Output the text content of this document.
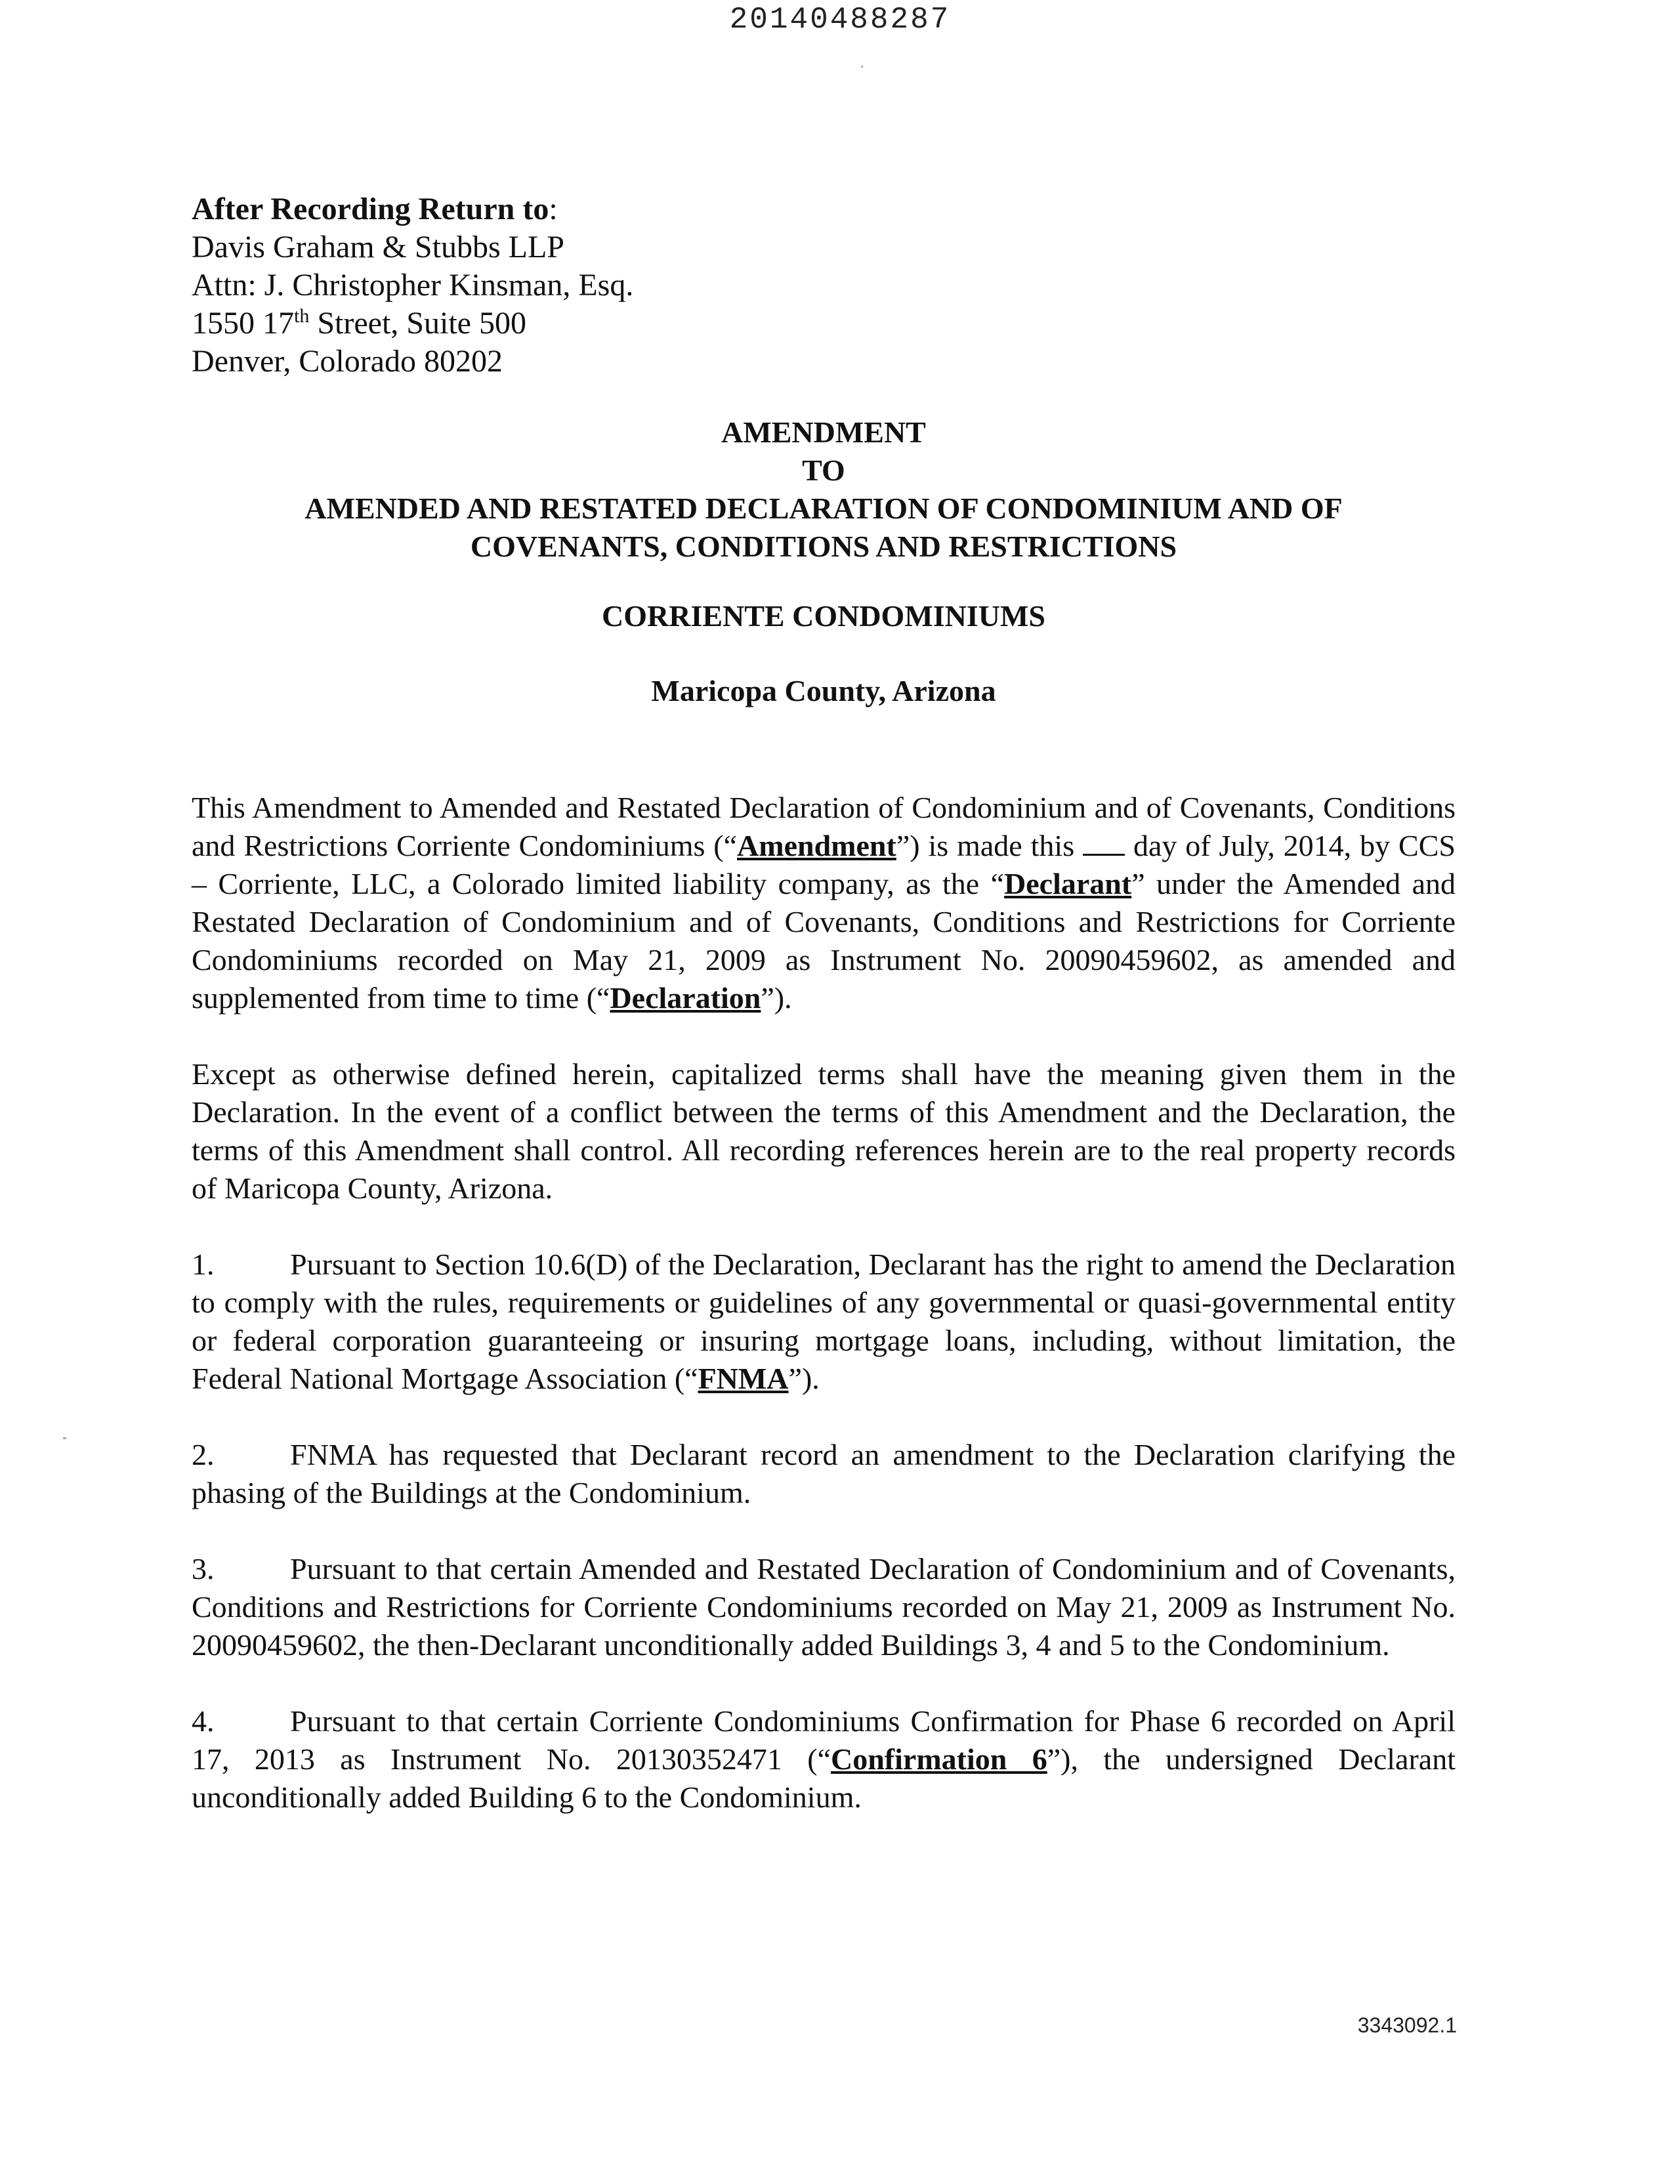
20140488287
After Recording Return to:
Davis Graham & Stubbs LLP
Attn: J. Christopher Kinsman, Esq.
1550 17th Street, Suite 500
Denver, Colorado 80202
AMENDMENT
TO
AMENDED AND RESTATED DECLARATION OF CONDOMINIUM AND OF
COVENANTS, CONDITIONS AND RESTRICTIONS
CORRIENTE CONDOMINIUMS
Maricopa County, Arizona

This Amendment to Amended and Restated Declaration of Condominium and of Covenants, Conditions and Restrictions Corriente Condominiums (“Amendment”) is made this  day of July, 2014, by CCS – Corriente, LLC, a Colorado limited liability company, as the “Declarant” under the Amended and Restated Declaration of Condominium and of Covenants, Conditions and Restrictions for Corriente Condominiums recorded on May 21, 2009 as Instrument No. 20090459602, as amended and supplemented from time to time (“Declaration”).

Except as otherwise defined herein, capitalized terms shall have the meaning given them in the Declaration. In the event of a conflict between the terms of this Amendment and the Declaration, the terms of this Amendment shall control. All recording references herein are to the real property records of Maricopa County, Arizona.

1.	Pursuant to Section 10.6(D) of the Declaration, Declarant has the right to amend the Declaration to comply with the rules, requirements or guidelines of any governmental or quasi-governmental entity or federal corporation guaranteeing or insuring mortgage loans, including, without limitation, the Federal National Mortgage Association (“FNMA”).

2.	FNMA has requested that Declarant record an amendment to the Declaration clarifying the phasing of the Buildings at the Condominium.

3.	Pursuant to that certain Amended and Restated Declaration of Condominium and of Covenants, Conditions and Restrictions for Corriente Condominiums recorded on May 21, 2009 as Instrument No. 20090459602, the then-Declarant unconditionally added Buildings 3, 4 and 5 to the Condominium.

4.	Pursuant to that certain Corriente Condominiums Confirmation for Phase 6 recorded on April 17, 2013 as Instrument No. 20130352471 (“Confirmation 6”), the undersigned Declarant unconditionally added Building 6 to the Condominium.

3343092.1
